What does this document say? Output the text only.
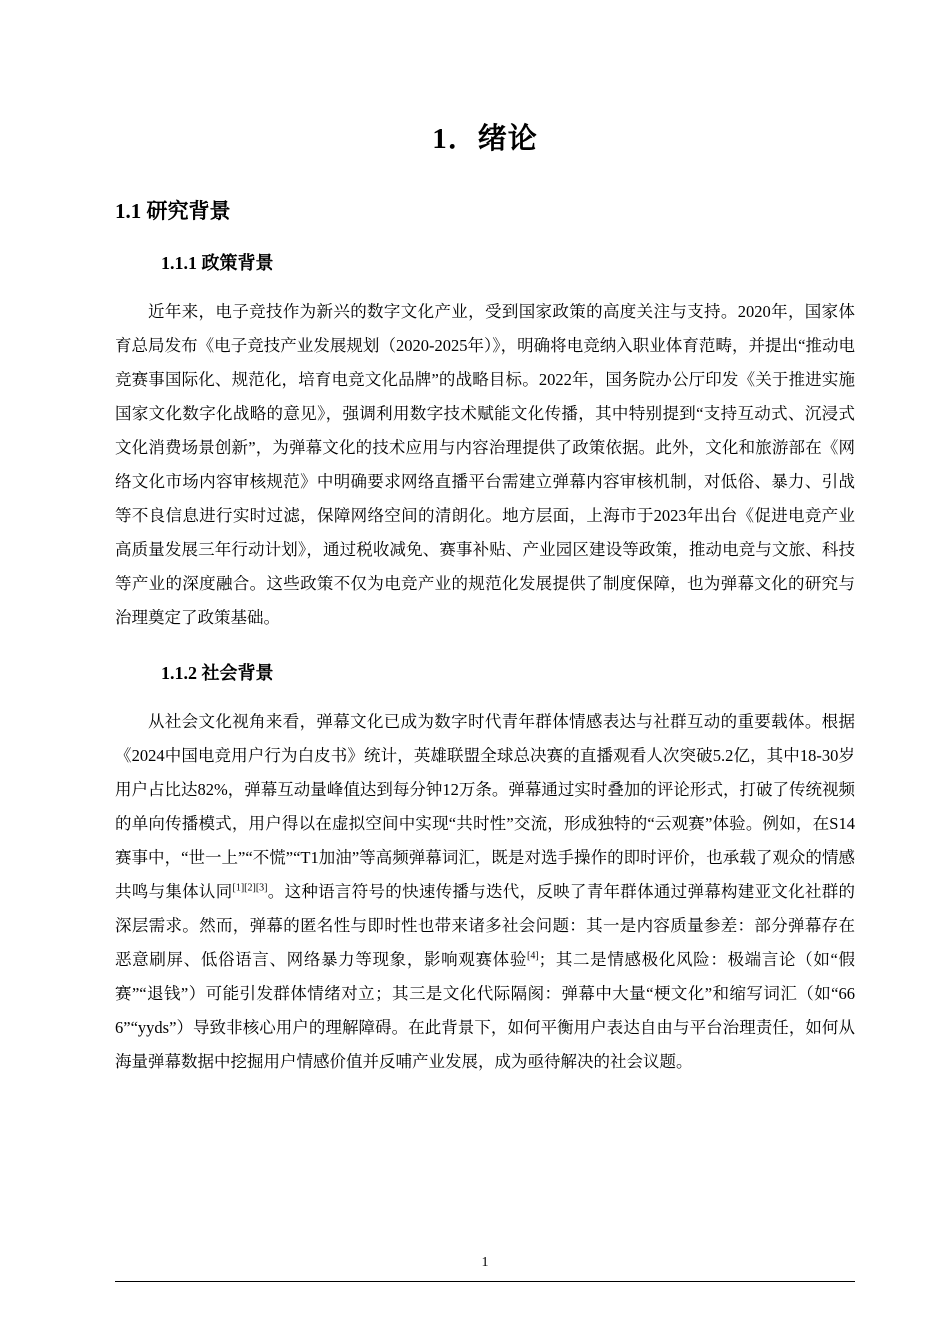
1．绪论
1.1 研究背景
1.1.1 政策背景

近年来，电子竞技作为新兴的数字文化产业，受到国家政策的高度关注与支持。2020年，国家体育总局发布《电子竞技产业发展规划（2020-2025年）》，明确将电竞纳入职业体育范畴，并提出“推动电竞赛事国际化、规范化，培育电竞文化品牌”的战略目标。2022年，国务院办公厅印发《关于推进实施国家文化数字化战略的意见》，强调利用数字技术赋能文化传播，其中特别提到“支持互动式、沉浸式文化消费场景创新”，为弹幕文化的技术应用与内容治理提供了政策依据。此外，文化和旅游部在《网络文化市场内容审核规范》中明确要求网络直播平台需建立弹幕内容审核机制，对低俗、暴力、引战等不良信息进行实时过滤，保障网络空间的清朗化。地方层面，上海市于2023年出台《促进电竞产业高质量发展三年行动计划》，通过税收减免、赛事补贴、产业园区建设等政策，推动电竞与文旅、科技等产业的深度融合。这些政策不仅为电竞产业的规范化发展提供了制度保障，也为弹幕文化的研究与治理奠定了政策基础。

1.1.2 社会背景

从社会文化视角来看，弹幕文化已成为数字时代青年群体情感表达与社群互动的重要载体。根据《2024中国电竞用户行为白皮书》统计，英雄联盟全球总决赛的直播观看人次突破5.2亿，其中18-30岁用户占比达82%，弹幕互动量峰值达到每分钟12万条。弹幕通过实时叠加的评论形式，打破了传统视频的单向传播模式，用户得以在虚拟空间中实现“共时性”交流，形成独特的“云观赛”体验。例如，在S14赛事中，“世一上”“不慌”“T1加油”等高频弹幕词汇，既是对选手操作的即时评价，也承载了观众的情感共鸣与集体认同[1][2][3]。这种语言符号的快速传播与迭代，反映了青年群体通过弹幕构建亚文化社群的深层需求。然而，弹幕的匿名性与即时性也带来诸多社会问题：其一是内容质量参差：部分弹幕存在恶意刷屏、低俗语言、网络暴力等现象，影响观赛体验[4]；其二是情感极化风险：极端言论（如“假赛”“退钱”）可能引发群体情绪对立；其三是文化代际隔阂：弹幕中大量“梗文化”和缩写词汇（如“666”“yyds”）导致非核心用户的理解障碍。在此背景下，如何平衡用户表达自由与平台治理责任，如何从海量弹幕数据中挖掘用户情感价值并反哺产业发展，成为亟待解决的社会议题。

1
